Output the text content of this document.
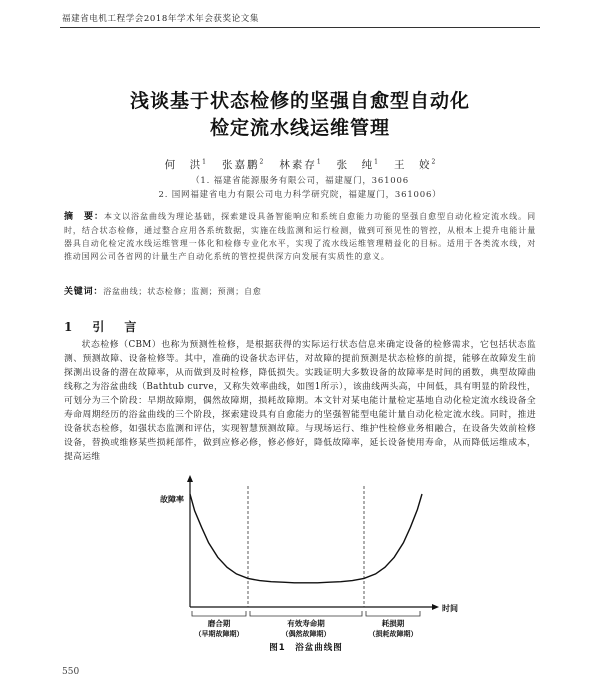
福建省电机工程学会2018年学术年会获奖论文集
浅谈基于状态检修的坚强自愈型自动化
检定流水线运维管理
何　洪$^1$ 张嘉鹏$^2$ 林素存$^1$ 张　纯$^1$ 王　姣$^2$
（1. 福建省能源服务有限公司，福建厦门，361006
2. 国网福建省电力有限公司电力科学研究院，福建厦门，361006）
摘　要：本文以浴盆曲线为理论基础，探索建设具备智能响应和系统自愈能力功能的坚强自愈型自动化检定流水线。同时，结合状态检修，通过整合应用各系统数据，实施在线监测和运行检测，做到可预见性的管控，从根本上提升电能计量器具自动化检定流水线运维管理一体化和检修专业化水平，实现了流水线运维管理精益化的目标。适用于各类流水线，对推动国网公司各省网的计量生产自动化系统的管控提供深方向发展有实质性的意义。
关键词：浴盆曲线；状态检修；监测；预测；自愈
1 引　言
状态检修（CBM）也称为预测性检修，是根据获得的实际运行状态信息来确定设备的检修需求，它包括状态监测、预测故障、设备检修等。其中，准确的设备状态评估，对故障的提前预测是状态检修的前提，能够在故障发生前探测出设备的潜在故障率，从而做到及时检修，降低损失。实践证明大多数设备的故障率是时间的函数，典型故障曲线称之为浴盆曲线（Bathtub curve，又称失效率曲线，如图1所示），该曲线两头高，中间低，具有明显的阶段性，可划分为三个阶段：早期故障期，偶然故障期，损耗故障期。本文针对某电能计量检定基地自动化检定流水线设备全寿命周期经历的浴盆曲线的三个阶段，探索建设具有自愈能力的坚强智能型电能计量自动化检定流水线。同时，推进设备状态检修，如强状态监测和评估，实现智慧预测故障。与现场运行、维护性检修业务相融合，在设备失效前检修设备，替换或维修某些损耗部件，做到应修必修，修必修好，降低故障率，延长设备使用寿命，从而降低运维成本，提高运维
故障率
时间
磨合期
（早期故障期）
有效寿命期
（偶然故障期）
耗损期
（损耗故障期）
图1　浴盆曲线图
550
